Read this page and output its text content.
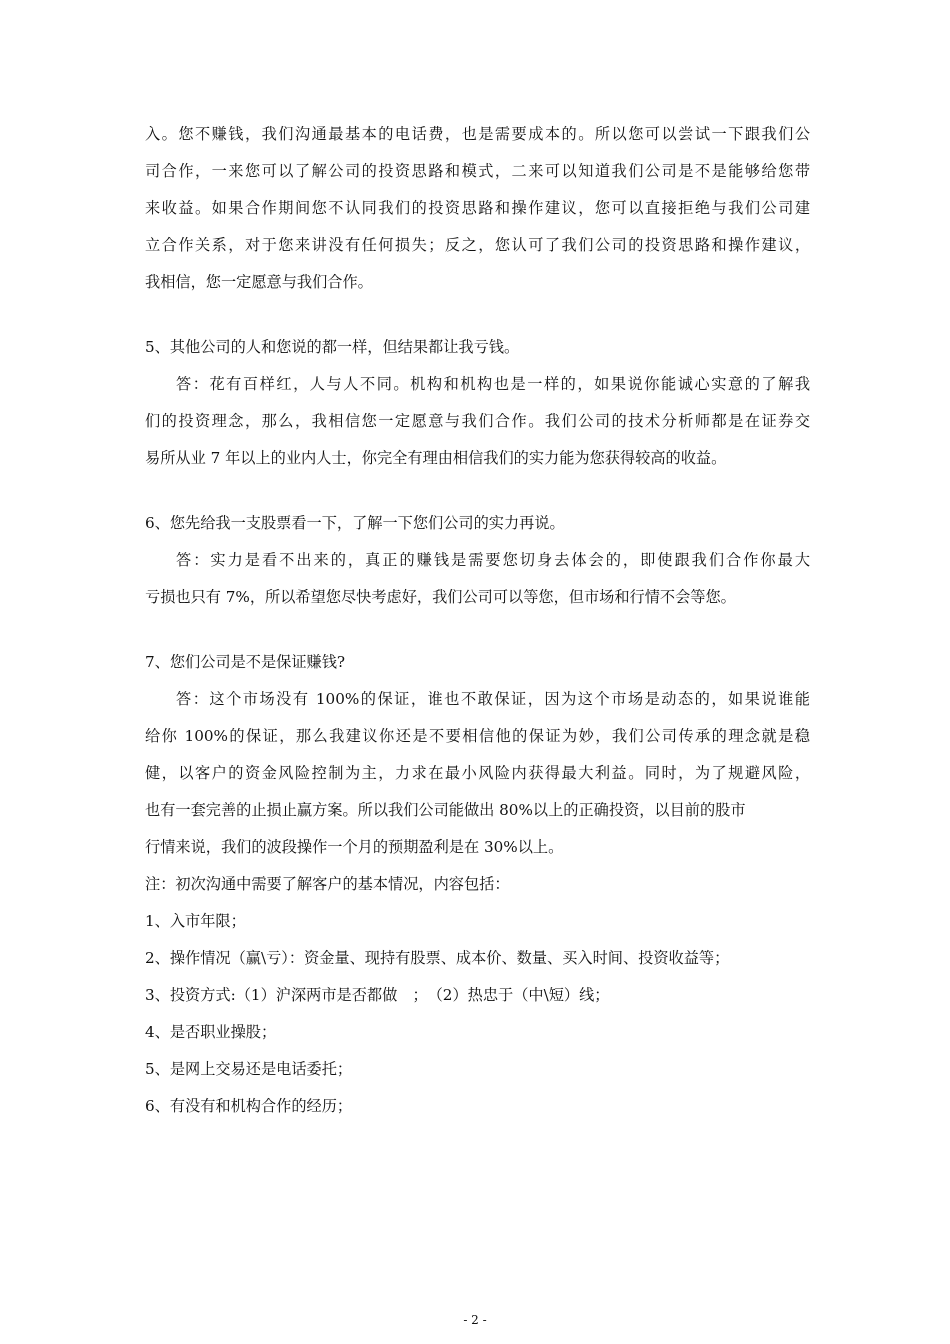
入。您不赚钱，我们沟通最基本的电话费，也是需要成本的。所以您可以尝试一下跟我们公
司合作，一来您可以了解公司的投资思路和模式，二来可以知道我们公司是不是能够给您带
来收益。如果合作期间您不认同我们的投资思路和操作建议，您可以直接拒绝与我们公司建
立合作关系，对于您来讲没有任何损失；反之，您认可了我们公司的投资思路和操作建议，
我相信，您一定愿意与我们合作。
5、其他公司的人和您说的都一样，但结果都让我亏钱。
答：花有百样红，人与人不同。机构和机构也是一样的，如果说你能诚心实意的了解我
们的投资理念，那么，我相信您一定愿意与我们合作。我们公司的技术分析师都是在证券交
易所从业 7 年以上的业内人士，你完全有理由相信我们的实力能为您获得较高的收益。
6、您先给我一支股票看一下，了解一下您们公司的实力再说。
答：实力是看不出来的，真正的赚钱是需要您切身去体会的，即使跟我们合作你最大
亏损也只有 7%，所以希望您尽快考虑好，我们公司可以等您，但市场和行情不会等您。
7、您们公司是不是保证赚钱?
答：这个市场没有 100%的保证，谁也不敢保证，因为这个市场是动态的，如果说谁能
给你 100%的保证，那么我建议你还是不要相信他的保证为妙，我们公司传承的理念就是稳
健，以客户的资金风险控制为主，力求在最小风险内获得最大利益。同时，为了规避风险，
也有一套完善的止损止赢方案。所以我们公司能做出 80%以上的正确投资，以目前的股市
行情来说，我们的波段操作一个月的预期盈利是在 30%以上。
注：初次沟通中需要了解客户的基本情况，内容包括：
1、入市年限；
2、操作情况（赢\亏）：资金量、现持有股票、成本价、数量、买入时间、投资收益等；
3、投资方式:（1）沪深两市是否都做　；　（2）热忠于（中\短）线；
4、是否职业操股；
5、是网上交易还是电话委托；
6、有没有和机构合作的经历；
- 2 -
